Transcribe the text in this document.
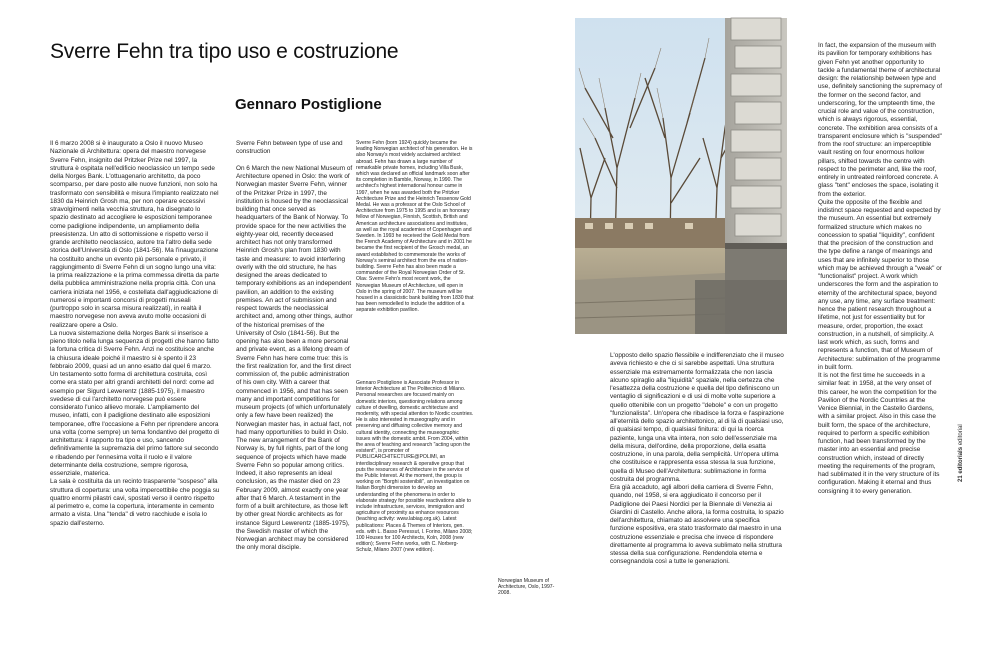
Sverre Fehn tra tipo uso e costruzione
Gennaro Postiglione

Il 6 marzo 2008 si è inaugurato a Oslo il nuovo Museo Nazionale di Architettura: opera del maestro norvegese Sverre Fehn, insignito del Pritzker Prize nel 1997, la struttura è ospitata nell'edificio neoclassico un tempo sede della Norges Bank. L'ottuagenario architetto, da poco scomparso, per dare posto alle nuove funzioni, non solo ha trasformato con sensibilità e misura l'impianto realizzato nel 1830 da Heinrich Grosh ma, per non operare eccessivi stravolgimenti nella vecchia struttura, ha disegnato lo spazio destinato ad accogliere le esposizioni temporanee come padiglione indipendente, un ampliamento della preesistenza. Un atto di sottomissione e rispetto verso il grande architetto neoclassico, autore tra l'altro della sede storica dell'Università di Oslo (1841-56). Ma l'inaugurazione ha costituito anche un evento più personale e privato, il raggiungimento di Sverre Fehn di un sogno lungo una vita: la prima realizzazione e la prima commessa diretta da parte della pubblica amministrazione nella propria città. Con una carriera iniziata nel 1956, e costellata dall'aggiudicazione di numerosi e importanti concorsi di progetti museali (purtroppo solo in scarsa misura realizzati), in realtà il maestro norvegese non aveva avuto molte occasioni di realizzare opere a Oslo.
La nuova sistemazione della Norges Bank si inserisce a pieno titolo nella lunga sequenza di progetti che hanno fatto la fortuna critica di Sverre Fehn. Anzi ne costituisce anche la chiusura ideale poiché il maestro si è spento il 23 febbraio 2009, quasi ad un anno esatto dal quel 6 marzo. Un testamento sotto forma di architettura costruita, così come era stato per altri grandi architetti del nord: come ad esempio per Sigurd Lewerentz (1885-1975), il maestro svedese di cui l'architetto norvegese può essere considerato l'unico allievo morale. L'ampliamento del museo, infatti, con il padiglione destinato alle esposizioni temporanee, offre l'occasione a Fehn per riprendere ancora una volta (come sempre) un tema fondantivo del progetto di architettura: il rapporto tra tipo e uso, sancendo definitivamente la supremazia del primo fattore sul secondo e ribadendo per l'ennesima volta il ruolo e il valore determinante della costruzione, sempre rigorosa, essenziale, materica.
La sala è costituita da un recinto trasparente "sospeso" alla struttura di copertura: una volta impercettibile che poggia su quattro enormi pilastri cavi, spostati verso il centro rispetto al perimetro e, come la copertura, interamente in cemento armato a vista. Una "tenda" di vetro racchiude e isola lo spazio dall'esterno.

Sverre Fehn between type of use and construction

On 6 March the new National Museum of Architecture opened in Oslo: the work of Norwegian master Sverre Fehn, winner of the Pritzker Prize in 1997, the institution is housed by the neoclassical building that once served as headquarters of the Bank of Norway. To provide space for the new activities the eighty-year old, recently deceased architect has not only transformed Heinrich Grosh's plan from 1830 with taste and measure: to avoid interfering overly with the old structure, he has designed the areas dedicated to temporary exhibitions as an independent pavilion, an addition to the existing premises. An act of submission and respect towards the neoclassical architect and, among other things, author of the historical premises of the University of Oslo (1841-56). But the opening has also been a more personal and private event, as a lifelong dream of Sverre Fehn has here come true: this is the first realization for, and the first direct commission of, the public administration of his own city. With a career that commenced in 1956, and that has seen many and important competitions for museum projects (of which unfortunately only a few have been realized) the Norwegian master has, in actual fact, not had many opportunities to build in Oslo.
The new arrangement of the Bank of Norway is, by full rights, part of the long sequence of projects which have made Sverre Fehn so popular among critics. Indeed, it also represents an ideal conclusion, as the master died on 23 February 2009, almost exactly one year after that 6 March. A testament in the form of a built architecture, as those left by other great Nordic architects as for instance Sigurd Lewerentz (1885-1975), the Swedish master of which the Norwegian architect may be considered the only moral disciple.

Sverre Fehn (born 1924) quickly became the leading Norwegian architect of his generation. He is also Norway's most widely acclaimed architect abroad. Fehn has drawn a large number of remarkable private homes, including Villa Busk, which was declared an official landmark soon after its completion in Bamble, Norway, in 1990. The architect's highest international honour came in 1997, when he was awarded both the Pritzker Architecture Prize and the Heinrich Tessenow Gold Medal. He was a professor at the Oslo School of Architecture from 1975 to 1995 and is an honorary fellow of Norwegian, Finnish, Scottish, British and American architecture associations and institutes, as well as the royal academies of Copenhagen and Sweden. In 1993 he received the Gold Medal from the French Academy of Architecture and in 2001 he became the first recipient of the Grosch medal, an award established to commemorate the works of Norway's seminal architect from the era of nation-building. Sverre Fehn has also been made a commander of the Royal Norwegian Order of St. Olav. Sverre Fehn's most recent work, the Norwegian Museum of Architecture, will open in Oslo in the spring of 2007. The museum will be housed in a classicistic bank building from 1830 that has been remodelled to include the addition of a separate exhibition pavilion.

Gennaro Postiglione is Associate Professor in Interior Architecture at The Politecnico di Milano. Personal researches are focused mainly on domestic interiors, questioning relations among culture of dwelling, domestic architecture and modernity, with special attention to Nordic countries. He is also interested in museography and in preserving and diffusing collective memory and cultural identity, connecting the museographic issues with the domestic ambit. From 2004, within the area of teaching and research "acting upon the existent", is promoter of PUBLICARCHITECTURE@POLIMI, an interdisciplinary research & operative group that puts the resources of Architecture in the service of the Public Interest. At the moment, the group is working on "Borghi sostenibili", an investigation on Italian Borghi dimension to develop an understanding of the phenomena in order to elaborate strategy for possible reactivations able to include infrastructure, services, immigration and agriculture of proximity as enhance resources (teaching activity: www.labiag.org.uk). Latest publications: Places & Themes of Interiors, gen. eds. with L. Basso Peressut, I. Forino, Milano 2008; 100 Houses for 100 Architects, Koln, 2008 (new edition); Sverre Fehn works, with C. Norberg-Schulz, Milano 2007 (new edition).

Norwegian Museum of Architecture, Oslo, 1997-2008.

L'opposto dello spazio flessibile e indifferenziato che il museo aveva richiesto e che ci si sarebbe aspettati. Una struttura essenziale ma estremamente formalizzata che non lascia alcuno spiraglio alla "liquidità" spaziale, nella certezza che l'esattezza della costruzione e quella del tipo definiscono un ventaglio di significazioni e di usi di molte volte superiore a quello ottenibile con un progetto "debole" e con un progetto "funzionalista". Un'opera che ribadisce la forza e l'aspirazione all'eternità dello spazio architettonico, al di là di qualsiasi uso, di qualsiasi tempo, di qualsiasi finitura: di qui la ricerca paziente, lunga una vita intera, non solo dell'essenziale ma della misura, dell'ordine, della proporzione, della esatta costruzione, in una parola, della semplicità. Un'opera ultima che costituisce e rappresenta essa stessa la sua funzione, quella di Museo dell'Architettura: sublimazione in forma costruita del programma.
Era già accaduto, agli albori della carriera di Sverre Fehn, quando, nel 1958, si era aggiudicato il concorso per il Padiglione dei Paesi Nordici per la Biennale di Venezia ai Giardini di Castello. Anche allora, la forma costruita, lo spazio dell'architettura, chiamato ad assolvere una specifica funzione espositiva, era stato trasformato dal maestro in una costruzione essenziale e precisa che invece di rispondere direttamente al programma lo aveva sublimato nella struttura stessa della sua configurazione. Rendendola eterna e consegnandola così a tutte le generazioni.

In fact, the expansion of the museum with its pavilion for temporary exhibitions has given Fehn yet another opportunity to tackle a fundamental theme of architectural design: the relationship between type and use, definitely sanctioning the supremacy of the former on the second factor, and underscoring, for the umpteenth time, the crucial role and value of the construction, which is always rigorous, essential, concrete. The exhibition area consists of a transparent enclosure which is "suspended" from the roof structure: an imperceptible vault resting on four enormous hollow pillars, shifted towards the centre with respect to the perimeter and, like the roof, entirely in untreated reinforced concrete. A glass "tent" encloses the space, isolating it from the exterior.
Quite the opposite of the flexible and indistinct space requested and expected by the museum. An essential but extremely formalized structure which makes no concession to spatial "liquidity", confident that the precision of the construction and the type define a range of meanings and uses that are infinitely superior to those which may be achieved through a "weak" or "functionalist" project. A work which underscores the form and the aspiration to eternity of the architectural space, beyond any use, any time, any surface treatment: hence the patient research throughout a lifetime, not just for essentiality but for measure, order, proportion, the exact construction, in a nutshell, of simplicity. A last work which, as such, forms and represents a function, that of Museum of Architecture: sublimation of the programme in built form.
It is not the first time he succeeds in a similar feat: in 1958, at the very onset of this career, he won the competition for the Pavilion of the Nordic Countries at the Venice Biennial, in the Castello Gardens, with a similar project. Also in this case the built form, the space of the architecture, required to perform a specific exhibition function, had been transformed by the master into an essential and precise construction which, instead of directly meeting the requirements of the program, had sublimated it in the very structure of its configuration. Making it eternal and thus consigning it to every generation.

21 editorials editorial
